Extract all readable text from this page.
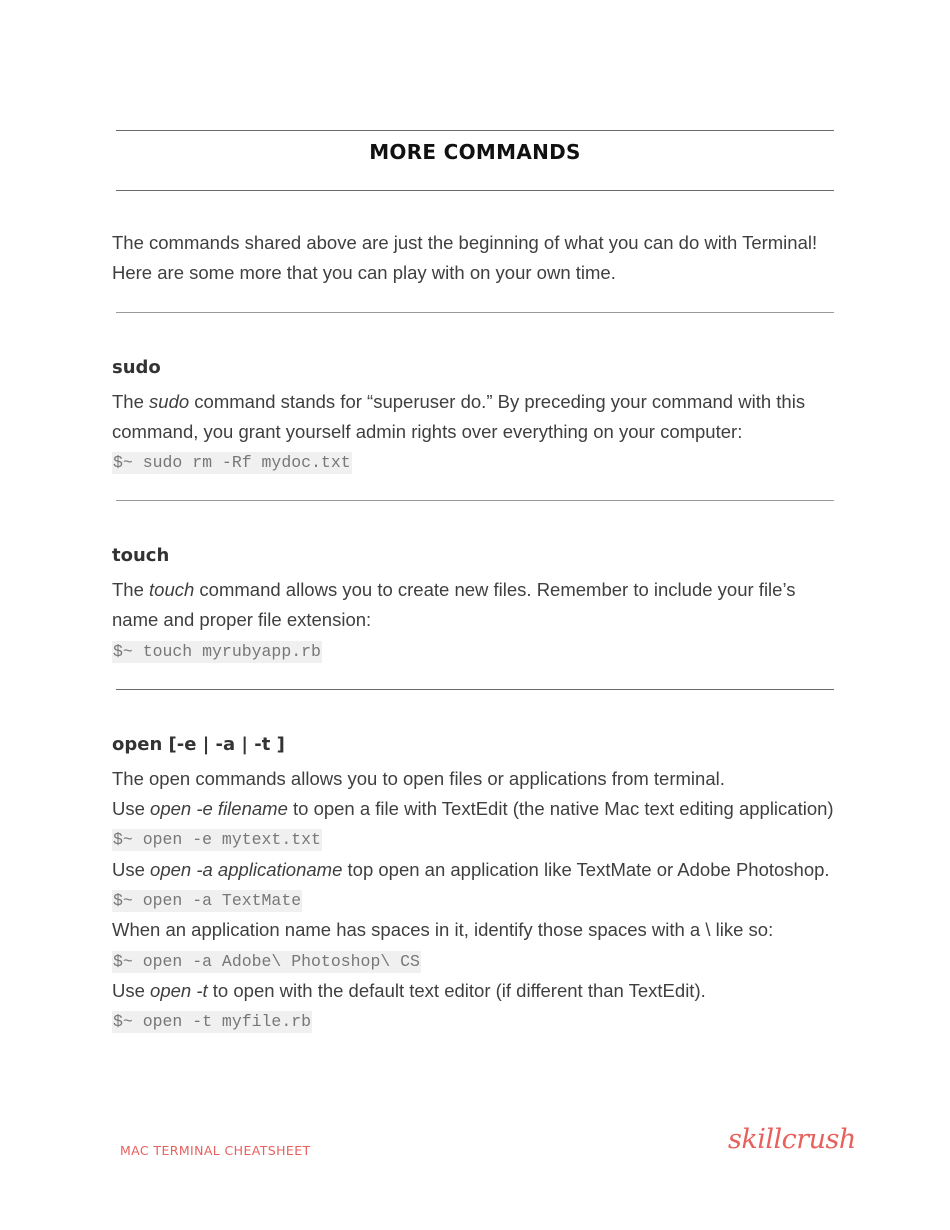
MORE COMMANDS

The commands shared above are just the beginning of what you can do with Terminal! Here are some more that you can play with on your own time.

sudo

The sudo command stands for “superuser do.” By preceding your command with this command, you grant yourself admin rights over everything on your computer:

$~ sudo rm -Rf mydoc.txt
touch

The touch command allows you to create new files. Remember to include your file’s name and proper file extension:

$~ touch myrubyapp.rb
open [-e | -a | -t ]

The open commands allows you to open files or applications from terminal.

Use open -e filename to open a file with TextEdit (the native Mac text editing application)

$~ open -e mytext.txt

Use open -a applicationame top open an application like TextMate or Adobe Photoshop.

$~ open -a TextMate

When an application name has spaces in it, identify those spaces with a \ like so:

$~ open -a Adobe\ Photoshop\ CS

Use open -t to open with the default text editor (if different than TextEdit).

$~ open -t myfile.rb
MAC TERMINAL CHEATSHEET	skillcrush
